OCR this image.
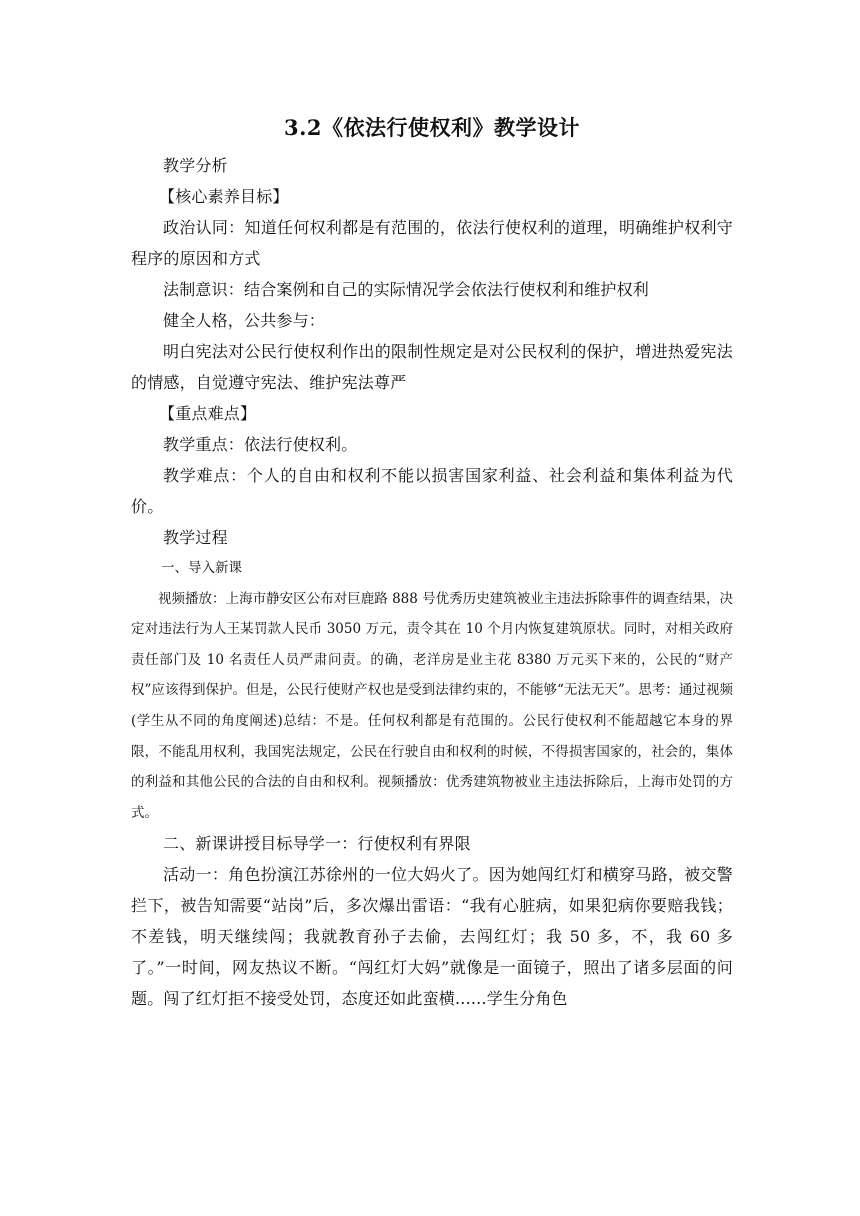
3.2《依法行使权利》教学设计

教学分析

【核心素养目标】

政治认同：知道任何权利都是有范围的，依法行使权利的道理，明确维护权利守程序的原因和方式

法制意识：结合案例和自己的实际情况学会依法行使权利和维护权利

健全人格，公共参与：

明白宪法对公民行使权利作出的限制性规定是对公民权利的保护，增进热爱宪法的情感，自觉遵守宪法、维护宪法尊严

【重点难点】

教学重点：依法行使权利。

教学难点：个人的自由和权利不能以损害国家利益、社会利益和集体利益为代价。

教学过程

一、导入新课

视频播放：上海市静安区公布对巨鹿路 888 号优秀历史建筑被业主违法拆除事件的调查结果，决定对违法行为人王某罚款人民币 3050 万元，责令其在 10 个月内恢复建筑原状。同时，对相关政府责任部门及 10 名责任人员严肃问责。的确，老洋房是业主花 8380 万元买下来的，公民的“财产权”应该得到保护。但是，公民行使财产权也是受到法律约束的，不能够“无法无天”。思考：通过视频(学生从不同的角度阐述)总结：不是。任何权利都是有范围的。公民行使权利不能超越它本身的界限，不能乱用权利，我国宪法规定，公民在行驶自由和权利的时候，不得损害国家的，社会的，集体的利益和其他公民的合法的自由和权利。视频播放：优秀建筑物被业主违法拆除后，上海市处罚的方式。

二、新课讲授目标导学一：行使权利有界限

活动一：角色扮演江苏徐州的一位大妈火了。因为她闯红灯和横穿马路，被交警拦下，被告知需要“站岗”后，多次爆出雷语：“我有心脏病，如果犯病你要赔我钱；不差钱，明天继续闯；我就教育孙子去偷，去闯红灯；我 50 多，不，我 60 多了。”一时间，网友热议不断。“闯红灯大妈”就像是一面镜子，照出了诸多层面的问题。闯了红灯拒不接受处罚，态度还如此蛮横......学生分角色
